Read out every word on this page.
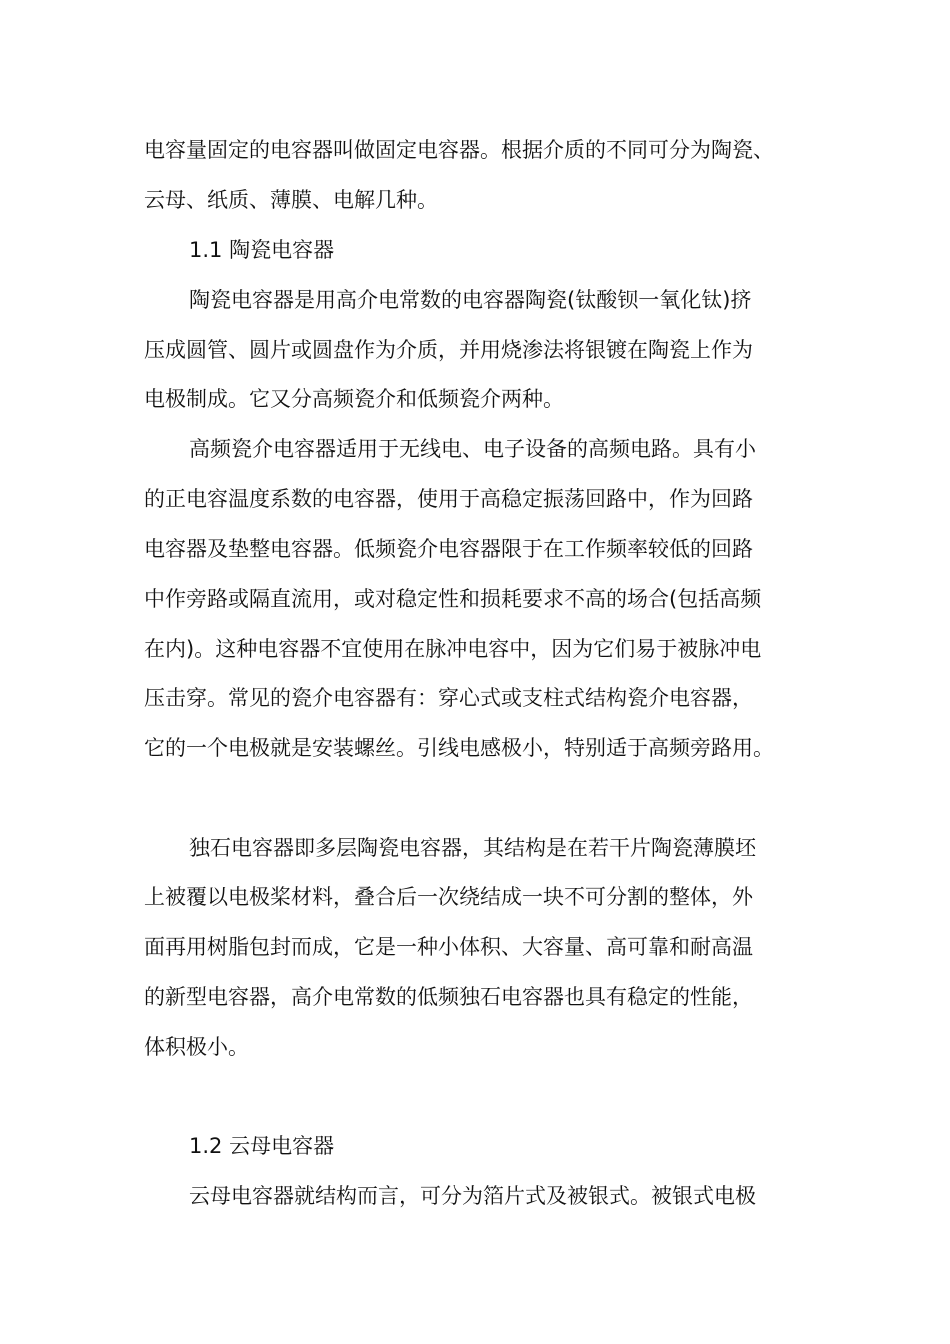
电容量固定的电容器叫做固定电容器。根据介质的不同可分为陶瓷、
云母、纸质、薄膜、电解几种。
1.1 陶瓷电容器
陶瓷电容器是用高介电常数的电容器陶瓷(钛酸钡一氧化钛)挤
压成圆管、圆片或圆盘作为介质，并用烧渗法将银镀在陶瓷上作为
电极制成。它又分高频瓷介和低频瓷介两种。
高频瓷介电容器适用于无线电、电子设备的高频电路。具有小
的正电容温度系数的电容器，使用于高稳定振荡回路中，作为回路
电容器及垫整电容器。低频瓷介电容器限于在工作频率较低的回路
中作旁路或隔直流用，或对稳定性和损耗要求不高的场合(包括高频
在内)。这种电容器不宜使用在脉冲电容中，因为它们易于被脉冲电
压击穿。常见的瓷介电容器有：穿心式或支柱式结构瓷介电容器，
它的一个电极就是安装螺丝。引线电感极小，特别适于高频旁路用。
独石电容器即多层陶瓷电容器，其结构是在若干片陶瓷薄膜坯
上被覆以电极桨材料，叠合后一次绕结成一块不可分割的整体，外
面再用树脂包封而成，它是一种小体积、大容量、高可靠和耐高温
的新型电容器，高介电常数的低频独石电容器也具有稳定的性能，
体积极小。
1.2 云母电容器
云母电容器就结构而言，可分为箔片式及被银式。被银式电极
